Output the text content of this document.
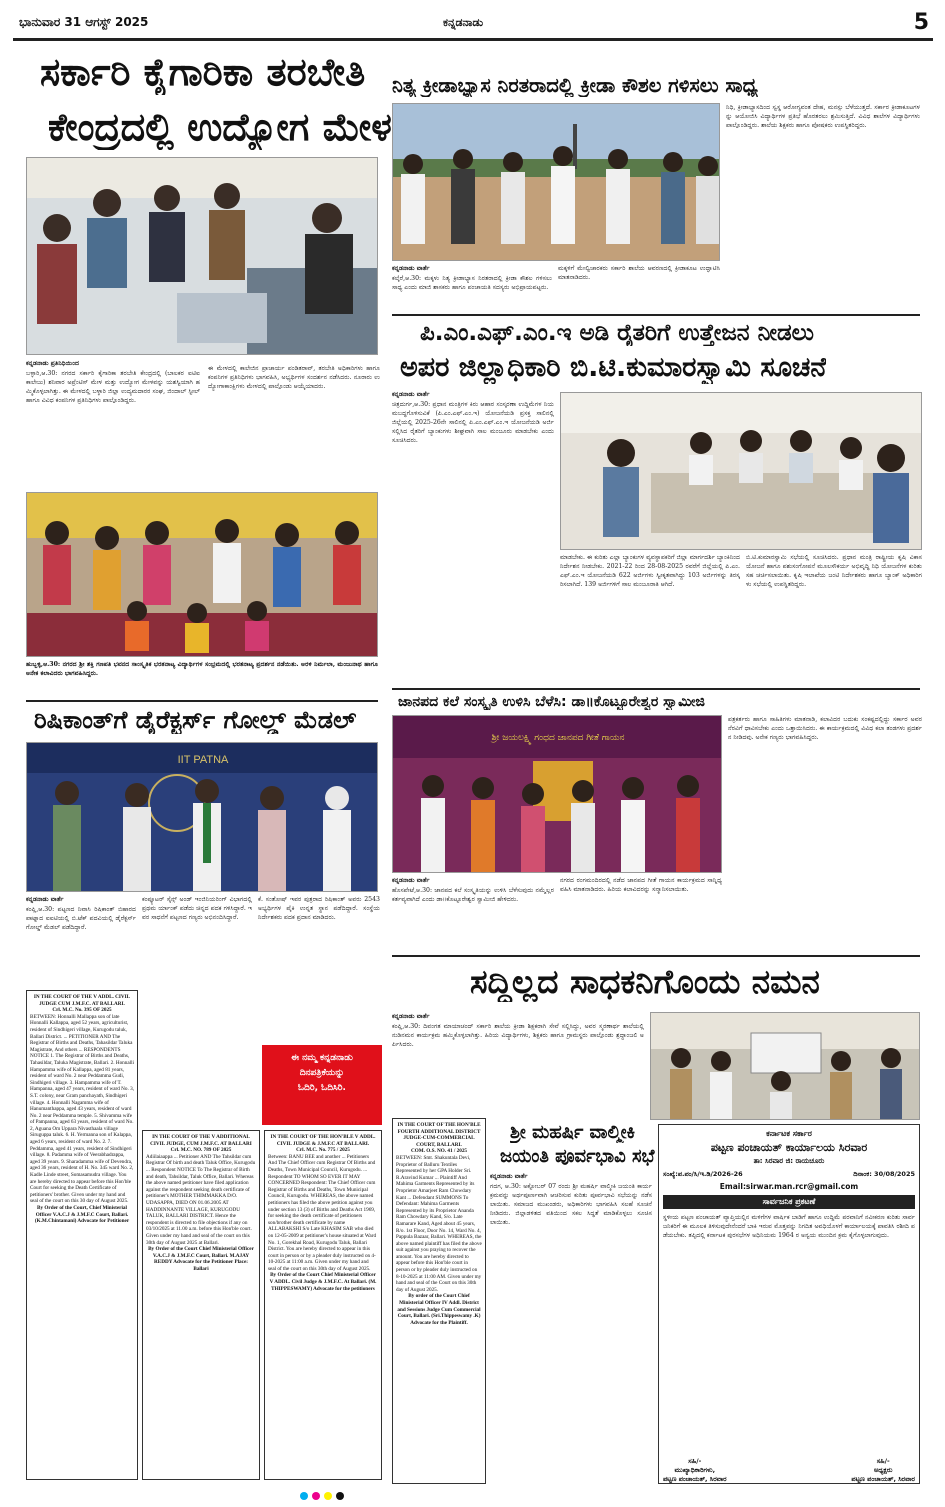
ಭಾನುವಾರ 31 ಆಗಸ್ಟ್ 2025	ಕನ್ನಡನಾಡು	5
ಸರ್ಕಾರಿ ಕೈಗಾರಿಕಾ ತರಬೇತಿ
ಕೇಂದ್ರದಲ್ಲಿ ಉದ್ಯೋಗ ಮೇಳ
ಕನ್ನಡನಾಡು ಪ್ರತಿನಿಧಿಯಿಂದ
ಬಳ್ಳಾರಿ,ಆ.30: ನಗರದ ಸರ್ಕಾರಿ ಕೈಗಾರಿಕಾ ತರಬೇತಿ ಕೇಂದ್ರದಲ್ಲಿ (ಬಾಲಕರ ಐಟಿಐ ಕಾಲೇಜು) ಶನಿವಾರ ಅಪ್ರೆಂಟಿಸ್ ಮೇಳ ಮತ್ತು ಉದ್ಯೋಗ ಮೇಳವನ್ನು ಯಶಸ್ವಿಯಾಗಿ ಹಮ್ಮಿಕೊಳ್ಳಲಾಗಿತ್ತು. ಈ ಮೇಳದಲ್ಲಿ ಬಳ್ಳಾರಿ ಜಿಲ್ಲಾ ಉದ್ಯಮದಾರರ ಸಂಘ, ಜಿಂದಾಲ್ ಸ್ಟೀಲ್ ಹಾಗೂ ವಿವಿಧ ಕಂಪನಿಗಳ ಪ್ರತಿನಿಧಿಗಳು ಪಾಲ್ಗೊಂಡಿದ್ದರು.
ಈ ಮೇಳದಲ್ಲಿ ಕಾಲೇಜಿನ ಪ್ರಾಚಾರ್ಯ ಪಂಡಿತರಾವ್, ತರಬೇತಿ ಅಧಿಕಾರಿಗಳು ಹಾಗೂ ಕಂಪನಿಗಳ ಪ್ರತಿನಿಧಿಗಳು ಭಾಗವಹಿಸಿ, ಅಭ್ಯರ್ಥಿಗಳ ಸಂದರ್ಶನ ನಡೆಸಿದರು. ನೂರಾರು ಉದ್ಯೋಗಾಕಾಂಕ್ಷಿಗಳು ಮೇಳದಲ್ಲಿ ಪಾಲ್ಗೊಂಡು ಆಯ್ಕೆಯಾದರು.
ಹುಬ್ಬಳ್ಳಿ,ಆ.30: ನಗರದ ಶ್ರೀ ಶಕ್ತಿ ಗಣಪತಿ ಭವನದ ಸಾಂಸ್ಕೃತಿಕ ಭರತನಾಟ್ಯ ವಿದ್ಯಾರ್ಥಿಗಳ ಸಂಭ್ರಮದಲ್ಲಿ ಭರತನಾಟ್ಯ ಪ್ರದರ್ಶನ ನಡೆಯಿತು. ಅರಳಿ ನಿರ್ಮಲಾ, ಮಂಜುನಾಥ ಹಾಗೂ ಅನೇಕ ಕಲಾವಿದರು ಭಾಗವಹಿಸಿದ್ದರು.
ರಿಷಿಕಾಂತ್‌ಗೆ ಡೈರೆಕ್ಟರ್ಸ್ ಗೋಲ್ಡ್ ಮೆಡಲ್
IIT PATNA
ಕನ್ನಡನಾಡು ವಾರ್ತೆ
ಕಂಪ್ಲಿ,ಆ.30: ಪಟ್ಟಣದ ನಿವಾಸಿ ರಿಷಿಕಾಂತ್ ಬಿಹಾರದ ಪಾಟ್ನಾದ ಐಐಟಿಯಲ್ಲಿ ಬಿ.ಟೆಕ್ ಪದವಿಯಲ್ಲಿ ಡೈರೆಕ್ಟರ್ಸ್ ಗೋಲ್ಡ್ ಮೆಡಲ್ ಪಡೆದಿದ್ದಾರೆ.
ಕಂಪ್ಯೂಟರ್ ಸೈನ್ಸ್ ಅಂಡ್ ಇಂಜಿನಿಯರಿಂಗ್ ವಿಭಾಗದಲ್ಲಿ ಪ್ರಥಮ ರ್ಯಾಂಕ್ ಪಡೆದು ಚಿನ್ನದ ಪದಕ ಗಳಿಸಿದ್ದಾರೆ. ಇವರ ಸಾಧನೆಗೆ ಪಟ್ಟಣದ ಗಣ್ಯರು ಅಭಿನಂದಿಸಿದ್ದಾರೆ.
ಕೆ. ಸಂತೋಷ್ ಇವರ ಪುತ್ರರಾದ ರಿಷಿಕಾಂತ್ ಅವರು 2543 ಅಭ್ಯರ್ಥಿಗಳ ಪೈಕಿ ಉನ್ನತ ಸ್ಥಾನ ಪಡೆದಿದ್ದಾರೆ. ಸಂಸ್ಥೆಯ ನಿರ್ದೇಶಕರು ಪದಕ ಪ್ರದಾನ ಮಾಡಿದರು.
IN THE COURT OF THE V ADDL. CIVIL JUDGE CUM J.M.F.C. AT BALLARI.
Crl. M.C. No. 395 OF 2025
BETWEEN: Honnalli Mallappa son of late Honnalli Kallappa, aged 52 years, agriculturist, resident of Sindhigeri village, Kurugodu taluk, Ballari District. ... PETITIONER AND The Registrar of Births and Deaths, Tahasildar Taluka Magistrate, And others ... RESPONDENTS NOTICE 1. The Registrar of Births and Deaths, Tahasildar, Taluka Magistrate, Ballari. 2. Honnalli Hampamma wife of Kallappa, aged 81 years, resident of ward No. 2 near Peddamma Gudi, Sindhigeri village. 3. Hampamma wife of T. Hampanna, aged 47 years, resident of ward No. 3, S.T. colony, near Gram panchayath, Sindhigeri village. 4. Honnalli Nagamma wife of Hanumanthappa, aged 43 years, resident of ward No. 2 near Peddamma temple. 5. Shivamma wife of Pampanna, aged 63 years, resident of ward No. 2, Aguana Om Uppara Nivasthaala village Siruguppa taluk. 6. H. Yermanna son of Kalappa, aged 6 years, resident of ward No. 2. 7. Peddamma, aged 41 years, resident of Sindhigeri village. 8. Padamma wife of Veerabhadrappa, aged 39 years. 9. Sharadamma wife of Devendra, aged 36 years, resident of H. No. 345 ward No. 2, Kadle Linde street, Somasamudra village. You are hereby directed to appear before this Hon'ble Court for seeking the Death Certificate of petitioners' brother. Given under my hand and seal of the court on this 30 day of August 2025.
By Order of the Court, Chief Ministerial Officer V.A.C.J & J.M.F.C Court, Ballari. (K.M.Chintamani) Advocate for Petitioner
IN THE COURT OF THE V ADDITIONAL CIVIL JUDGE, CUM J.M.F.C. AT BALLARI
Crl. M.C. NO. 789 OF 2025
Adiilaiaappa ... Petitioner AND The Tahsildar cum Registrar Of birth and death Taluk Office, Kurugodu ... Respondent NOTICE To The Registrar of Birth and death, Tahsildar, Taluk Office, Ballari. Whereas the above named petitioner have filed application against the respondent seeking death certificate of petitioner's MOTHER THIMMAKKA D/O. UDASAPPA, DIED ON 01.06.2005 AT HADDINNANTE VILLAGE, KURUGODU TALUK, BALLARI DISTRICT. Hence the respondent is directed to file objections if any on 03/10/2025 at 11.00 a.m. before this Hon'ble court. Given under my hand and seal of the court on this 30th day of August 2025 at Ballari.
By Order of the Court Chief Ministerial Officer V.A.C.J & J.M.F.C Court, Ballari. M.AJAY REDDY Advocate for the Petitioner Place: Ballari
IN THE COURT OF THE HON'BLE V ADDL. CIVIL JUDGE & J.M.F.C AT BALLARI.
Crl. M.C. No. 775 / 2025
Between: BANU BEE and another ... Petitioners And The Chief Officer cum Registrar Of Births and Deaths, Town Municipal Council, Kurugodu. ... Respondent TO WHOM SO EVER IT MAY CONCERNED Respondent: The Chief Officer cum Registrar of Births and Deaths, Town Municipal Council, Kurugodu. WHEREAS, the above named petitioners has filed the above petition against you under section 13 (3) of Births and Deaths Act 1969, for seeking the death certificate of petitioners son/brother death certificate by name ALLABAKSHI S/o Late KHASIM SAB who died on 12-05-2009 at petitioner's house situated at Ward No. 1, Gorekhal Road, Kurugodu Taluk, Ballari District. You are hereby directed to appear in this court in person or by a pleader duly instructed on 4-10-2025 at 11:00 a.m. Given under my hand and seal of the court on this 30th day of August 2025.
By Order of the Court Chief Ministerial Officer V ADDL. Civil Judge & J.M.F.C. At Ballari. (M. THIPPESWAMY) Advocate for the petitioners
ನಿತ್ಯ ಕ್ರೀಡಾಭ್ಯಾಸ ನಿರತರಾದಲ್ಲಿ ಕ್ರೀಡಾ ಕೌಶಲ ಗಳಿಸಲು ಸಾಧ್ಯ
ಕನ್ನಡನಾಡು ವಾರ್ತೆ
ಕಲ್ಕೆರೆ,ಆ.30: ಮಕ್ಕಳು ನಿತ್ಯ ಕ್ರೀಡಾಭ್ಯಾಸ ನಿರತರಾದಲ್ಲಿ ಕ್ರೀಡಾ ಕೌಶಲ ಗಳಿಸಲು ಸಾಧ್ಯ ಎಂದು ಮಾಜಿ ಶಾಸಕರು ಹಾಗೂ ಪಂಚಾಯತಿ ಸದಸ್ಯರು ಅಭಿಪ್ರಾಯಪಟ್ಟರು.
ಮಕ್ಕಳಿಗೆ ಮೇಲ್ವಿಚಾರಕರು ಸರ್ಕಾರಿ ಶಾಲೆಯ ಆವರಣದಲ್ಲಿ ಕ್ರೀಡಾಕೂಟ ಉದ್ಘಾಟಿಸಿ ಮಾತನಾಡಿದರು.
ನಿಧಿ, ಕ್ರೀಡಾಭ್ಯಾಸದಿಂದ ಸ್ವಸ್ಥ ಆರೋಗ್ಯವಂತ ದೇಹ, ಮನಸ್ಸು ಬೆಳೆಯುತ್ತದೆ. ಸರ್ಕಾರ ಕ್ರೀಡಾಕೂಟಗಳನ್ನು ಆಯೋಜಿಸಿ ವಿದ್ಯಾರ್ಥಿಗಳ ಪ್ರತಿಭೆ ಹೊರತರಲು ಶ್ರಮಿಸುತ್ತಿದೆ. ವಿವಿಧ ಶಾಲೆಗಳ ವಿದ್ಯಾರ್ಥಿಗಳು ಪಾಲ್ಗೊಂಡಿದ್ದರು. ಶಾಲೆಯ ಶಿಕ್ಷಕರು ಹಾಗೂ ಪೋಷಕರು ಉಪಸ್ಥಿತರಿದ್ದರು.
ಪಿ.ಎಂ.ಎಫ್.ಎಂ.ಇ ಅಡಿ ರೈತರಿಗೆ ಉತ್ತೇಜನ ನೀಡಲು
ಅಪರ ಜಿಲ್ಲಾಧಿಕಾರಿ ಬಿ.ಟಿ.ಕುಮಾರಸ್ವಾಮಿ ಸೂಚನೆ
ಕನ್ನಡನಾಡು ವಾರ್ತೆ
ಚಿತ್ರದುರ್ಗ,ಆ.30: ಪ್ರಧಾನ ಮಂತ್ರಿಗಳ ಕಿರು ಆಹಾರ ಸಂಸ್ಕರಣಾ ಉದ್ದಿಮೆಗಳ ನಿಯಮಬದ್ಧಗೊಳಿಸುವಿಕೆ (ಪಿ.ಎಂ.ಎಫ್.ಎಂ.ಇ) ಯೋಜನೆಯಡಿ ಪ್ರಸಕ್ತ ಸಾಲಿನಲ್ಲಿ ಜಿಲ್ಲೆಯಲ್ಲಿ 2025-26ನೇ ಸಾಲಿನಲ್ಲಿ ಪಿ.ಎಂ.ಎಫ್.ಎಂ.ಇ ಯೋಜನೆಯಡಿ ಅರ್ಜಿ ಸಲ್ಲಿಸಿದ ರೈತರಿಗೆ ಬ್ಯಾಂಕುಗಳು ಶೀಘ್ರವಾಗಿ ಸಾಲ ಮಂಜೂರು ಮಾಡಬೇಕು ಎಂದು ಸೂಚಿಸಿದರು.
ಮಾಡಬೇಕು. ಈ ಕುರಿತು ಎಲ್ಲಾ ಬ್ಯಾಂಕುಗಳ ವ್ಯವಸ್ಥಾಪಕರಿಗೆ ಜಿಲ್ಲಾ ಮಾರ್ಗದರ್ಶಿ ಬ್ಯಾಂಕಿನಿಂದ ನಿರ್ದೇಶನ ನೀಡಬೇಕು. 2021-22 ರಿಂದ 28-08-2025 ರವರೆಗೆ ಜಿಲ್ಲೆಯಲ್ಲಿ ಪಿ.ಎಂ.ಎಫ್.ಎಂ.ಇ ಯೋಜನೆಯಡಿ 622 ಅರ್ಜಿಗಳು ಸ್ವೀಕೃತವಾಗಿದ್ದು 103 ಅರ್ಜಿಗಳನ್ನು ತಿರಸ್ಕರಿಸಲಾಗಿದೆ. 139 ಅರ್ಜಿಗಳಿಗೆ ಸಾಲ ಮಂಜೂರಾತಿ ಆಗಿದೆ.
ಬಿ.ಟಿ.ಕುಮಾರಸ್ವಾಮಿ ಸಭೆಯಲ್ಲಿ ಸೂಚಿಸಿದರು. ಪ್ರಧಾನ ಮಂತ್ರಿ ರಾಷ್ಟ್ರೀಯ ಕೃಷಿ ವಿಕಾಸ ಯೋಜನೆ ಹಾಗೂ ಪಶುಸಂಗೋಪನೆ ಮೂಲಸೌಕರ್ಯ ಅಭಿವೃದ್ಧಿ ನಿಧಿ ಯೋಜನೆಗಳ ಕುರಿತು ಸಹ ಚರ್ಚಿಸಲಾಯಿತು. ಕೃಷಿ ಇಲಾಖೆಯ ಜಂಟಿ ನಿರ್ದೇಶಕರು ಹಾಗೂ ಬ್ಯಾಂಕ್ ಅಧಿಕಾರಿಗಳು ಸಭೆಯಲ್ಲಿ ಉಪಸ್ಥಿತರಿದ್ದರು.
ಜಾನಪದ ಕಲೆ ಸಂಸ್ಕೃತಿ ಉಳಿಸಿ ಬೆಳೆಸಿ: ಡಾ॥ಕೊಟ್ಟೂರೇಶ್ವರ ಸ್ವಾಮೀಜಿ
ಶ್ರೀ ಜಯಲಕ್ಷ್ಮಿ ಗಂಧದ ಜಾನಪದ ಗೀತೆ ಗಾಯನ
ಕನ್ನಡನಾಡು ವಾರ್ತೆ
ಹೊಸಪೇಟೆ,ಆ.30: ಜಾನಪದ ಕಲೆ ಸಂಸ್ಕೃತಿಯನ್ನು ಉಳಿಸಿ ಬೆಳೆಸುವುದು ನಮ್ಮೆಲ್ಲರ ಕರ್ತವ್ಯವಾಗಿದೆ ಎಂದು ಡಾ॥ಕೊಟ್ಟೂರೇಶ್ವರ ಸ್ವಾಮೀಜಿ ಹೇಳಿದರು.
ನಗರದ ರಂಗಮಂದಿರದಲ್ಲಿ ನಡೆದ ಜಾನಪದ ಗೀತೆ ಗಾಯನ ಕಾರ್ಯಕ್ರಮದ ಸಾನ್ನಿಧ್ಯ ವಹಿಸಿ ಮಾತನಾಡಿದರು. ಹಿರಿಯ ಕಲಾವಿದರನ್ನು ಸನ್ಮಾನಿಸಲಾಯಿತು.
ಪತ್ರಕರ್ತರು ಹಾಗೂ ಸಾಹಿತಿಗಳು ಮಾತನಾಡಿ, ಕಲಾವಿದರ ಬದುಕು ಸಂಕಷ್ಟದಲ್ಲಿದ್ದು ಸರ್ಕಾರ ಅವರ ನೆರವಿಗೆ ಧಾವಿಸಬೇಕು ಎಂದು ಒತ್ತಾಯಿಸಿದರು. ಈ ಕಾರ್ಯಕ್ರಮದಲ್ಲಿ ವಿವಿಧ ಕಲಾ ತಂಡಗಳು ಪ್ರದರ್ಶನ ನೀಡಿದವು. ಅನೇಕ ಗಣ್ಯರು ಭಾಗವಹಿಸಿದ್ದರು.
ಸದ್ದಿಲ್ಲದ ಸಾಧಕನಿಗೊಂದು ನಮನ
ಕನ್ನಡನಾಡು ವಾರ್ತೆ
ಕಂಪ್ಲಿ,ಆ.30: ದಿವಂಗತ ಮಾಯಾಚಂದ್ ಸರ್ಕಾರಿ ಶಾಲೆಯ ಕ್ರೀಡಾ ಶಿಕ್ಷಕರಾಗಿ ಸೇವೆ ಸಲ್ಲಿಸಿದ್ದು, ಅವರ ಸ್ಮರಣಾರ್ಥ ಶಾಲೆಯಲ್ಲಿ ನುಡಿನಮನ ಕಾರ್ಯಕ್ರಮ ಹಮ್ಮಿಕೊಳ್ಳಲಾಗಿತ್ತು. ಹಿರಿಯ ವಿದ್ಯಾರ್ಥಿಗಳು, ಶಿಕ್ಷಕರು ಹಾಗೂ ಗ್ರಾಮಸ್ಥರು ಪಾಲ್ಗೊಂಡು ಶ್ರದ್ಧಾಂಜಲಿ ಅರ್ಪಿಸಿದರು.
ಶ್ರೀ ಮಹರ್ಷಿ ವಾಲ್ಮೀಕಿ
ಜಯಂತಿ ಪೂರ್ವಭಾವಿ ಸಭೆ
ಕನ್ನಡನಾಡು ವಾರ್ತೆ
ಗದಗ, ಆ.30: ಅಕ್ಟೋಬರ್ 07 ರಂದು ಶ್ರೀ ಮಹರ್ಷಿ ವಾಲ್ಮೀಕಿ ಜಯಂತಿ ಕಾರ್ಯಕ್ರಮವನ್ನು ಅರ್ಥಪೂರ್ಣವಾಗಿ ಆಚರಿಸುವ ಕುರಿತು ಪೂರ್ವಭಾವಿ ಸಭೆಯನ್ನು ನಡೆಸಲಾಯಿತು. ಸಮಾಜದ ಮುಖಂಡರು, ಅಧಿಕಾರಿಗಳು ಭಾಗವಹಿಸಿ ಸಲಹೆ ಸೂಚನೆ ನೀಡಿದರು. ಜಿಲ್ಲಾಡಳಿತದ ವತಿಯಿಂದ ಸಕಲ ಸಿದ್ಧತೆ ಮಾಡಿಕೊಳ್ಳಲು ಸೂಚಿಸಲಾಯಿತು.
ಕರ್ನಾಟಕ ಸರ್ಕಾರ
ಪಟ್ಟಣ ಪಂಚಾಯತ್ ಕಾರ್ಯಾಲಯ ಸಿರವಾರ
ತಾ: ಸಿರವಾರ ಜಿ: ರಾಯಚೂರು
ಸಂಖ್ಯೆ:ಪ.ಪಂ/ಸಿ/ಇ.ಡಿ/2026-26	ದಿನಾಂಕ: 30/08/2025
Email:sirwar.man.rcr@gmail.com
ಸಾರ್ವಜನಿಕ ಪ್ರಕಟಣೆ
ಸ್ಥಳೀಯ ಪಟ್ಟಣ ಪಂಚಾಯತ್ ವ್ಯಾಪ್ತಿಯಲ್ಲಿನ ಮಳಿಗೆಗಳ ವಾರ್ಷಿಕ ಬಾಡಿಗೆ ಹಾಗೂ ಉದ್ದಿಮೆ ಪರವಾನಿಗೆ ನವೀಕರಣ ಕುರಿತು ಸಾರ್ವಜನಿಕರಿಗೆ ಈ ಮೂಲಕ ತಿಳಿಸುವುದೇನೆಂದರೆ ಬಾಕಿ ಇರುವ ಮೊತ್ತವನ್ನು ನಿಗದಿತ ಅವಧಿಯೊಳಗೆ ಕಾರ್ಯಾಲಯಕ್ಕೆ ಪಾವತಿಸಿ ರಶೀದಿ ಪಡೆಯಬೇಕು. ತಪ್ಪಿದಲ್ಲಿ ಕರ್ನಾಟಕ ಪುರಸಭೆಗಳ ಅಧಿನಿಯಮ 1964 ರ ಅನ್ವಯ ಮುಂದಿನ ಕ್ರಮ ಕೈಗೊಳ್ಳಲಾಗುವುದು.
ಸಹಿ/-
ಮುಖ್ಯಾಧಿಕಾರಿಗಳು,
ಪಟ್ಟಣ ಪಂಚಾಯತ್, ಸಿರವಾರ
ಸಹಿ/-
ಅಧ್ಯಕ್ಷರು
ಪಟ್ಟಣ ಪಂಚಾಯತ್, ಸಿರವಾರ
ಈ ನಮ್ಮ ಕನ್ನಡನಾಡು
ದಿನಪತ್ರಿಕೆಯನ್ನು
ಓದಿರಿ, ಓದಿಸಿರಿ.
IN THE COURT OF THE HON'BLE FOURTH ADDITIONAL DISTRICT JUDGE-CUM-COMMERCIAL COURT, BALLARI.
COM. O.S. NO. 41 / 2025
BETWEEN: Smt. Shakuntala Devi, Proprietor of Balluru Textiles Represented by her GPA Holder Sri. R.Aravind Kumar ... Plaintiff And Mahima Garments Represented by its Proprietor Amarjeet Ram Chowdary Kant ... Defendant SUMMONS To Defendant: Mahima Garments Represented by its Proprietor Ananda Ram Chowdary Kand, S/o. Late Ramarare Kand, Aged about 45 years, R/o. 1st Floor, Door No. 14, Ward No. 4, Pappula Bazaar, Ballari. WHEREAS, the above named plaintiff has filed the above suit against you praying to recover the amount. You are hereby directed to appear before this Hon'ble court in person or by pleader duly instructed on 8-10-2025 at 11:00 AM. Given under my hand and seal of the Court on this 30th day of August 2025.
By order of the Court Chief Ministerial Officer IV Addl. District and Sessions Judge Cum Commercial Court, Ballari. (Sri.Thippeswamy .K) Advocate for the Plaintiff.
